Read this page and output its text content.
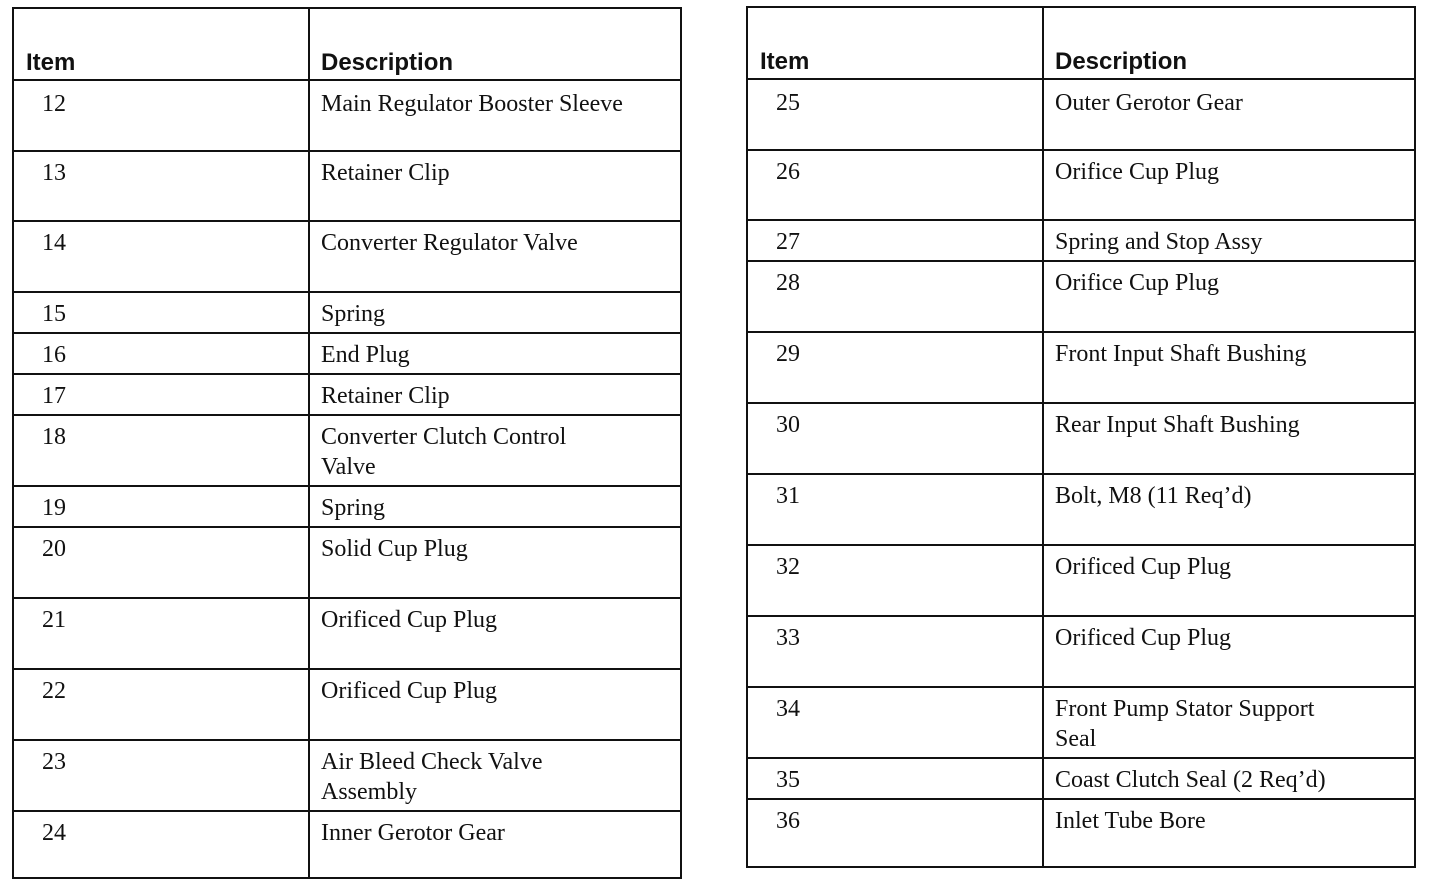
Item	Description
12	Main Regulator Booster Sleeve
13	Retainer Clip
14	Converter Regulator Valve
15	Spring
16	End Plug
17	Retainer Clip
18	Converter Clutch Control
Valve
19	Spring
20	Solid Cup Plug
21	Orificed Cup Plug
22	Orificed Cup Plug
23	Air Bleed Check Valve
Assembly
24	Inner Gerotor Gear
Item	Description
25	Outer Gerotor Gear
26	Orifice Cup Plug
27	Spring and Stop Assy
28	Orifice Cup Plug
29	Front Input Shaft Bushing
30	Rear Input Shaft Bushing
31	Bolt, M8 (11 Req’d)
32	Orificed Cup Plug
33	Orificed Cup Plug
34	Front Pump Stator Support
Seal
35	Coast Clutch Seal (2 Req’d)
36	Inlet Tube Bore
